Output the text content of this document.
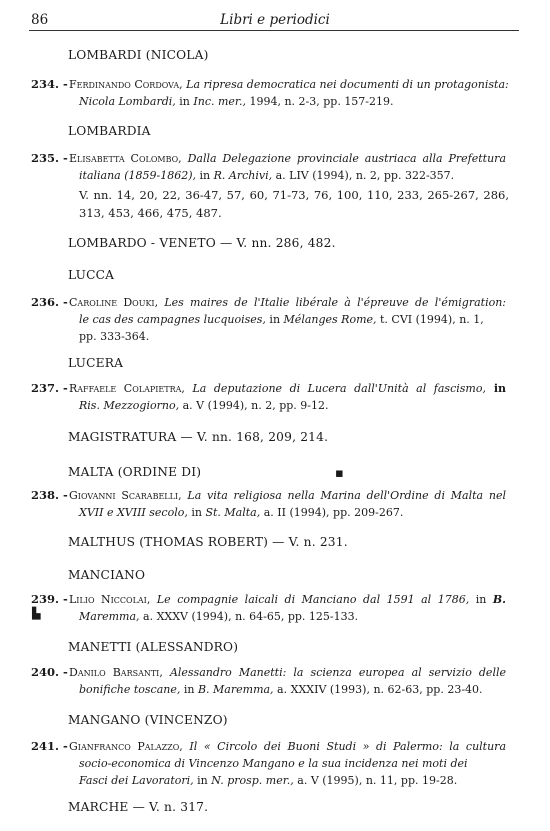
86	Libri e periodici
LOMBARDI (NICOLA)
234. - Ferdinando Cordova, La ripresa democratica nei documenti di un protagonista:
Nicola Lombardi, in Inc. mer., 1994, n. 2-3, pp. 157-219.
LOMBARDIA
235. - Elisabetta Colombo, Dalla Delegazione provinciale austriaca alla Prefettura
italiana (1859-1862), in R. Archivi, a. LIV (1994), n. 2, pp. 322-357.
V. nn. 14, 20, 22, 36-47, 57, 60, 71-73, 76, 100, 110, 233, 265-267, 286, 313, 453, 466, 475, 487.
LOMBARDO - VENETO — V. nn. 286, 482.
LUCCA
236. - Caroline Douki, Les maires de l'Italie libérale à l'épreuve de l'émigration:
le cas des campagnes lucquoises, in Mélanges Rome, t. CVI (1994), n. 1,
pp. 333-364.
LUCERA
237. - Raffaele Colapietra, La deputazione di Lucera dall'Unità al fascismo, in
Ris. Mezzogiorno, a. V (1994), n. 2, pp. 9-12.
MAGISTRATURA — V. nn. 168, 209, 214.
MALTA (ORDINE DI)	▪
238. - Giovanni Scarabelli, La vita religiosa nella Marina dell'Ordine di Malta nel
XVII e XVIII secolo, in St. Malta, a. II (1994), pp. 209-267.
MALTHUS (THOMAS ROBERT) — V. n. 231.
MANCIANO
239. - Lilio Niccolai, Le compagnie laicali di Manciano dal 1591 al 1786, in B.
Maremma, a. XXXV (1994), n. 64-65, pp. 125-133.
▙
MANETTI (ALESSANDRO)
240. - Danilo Barsanti, Alessandro Manetti: la scienza europea al servizio delle
bonifiche toscane, in B. Maremma, a. XXXIV (1993), n. 62-63, pp. 23-40.
MANGANO (VINCENZO)
241. - Gianfranco Palazzo, Il « Circolo dei Buoni Studi » di Palermo: la cultura
socio-economica di Vincenzo Mangano e la sua incidenza nei moti dei
Fasci dei Lavoratori, in N. prosp. mer., a. V (1995), n. 11, pp. 19-28.
MARCHE — V. n. 317.
